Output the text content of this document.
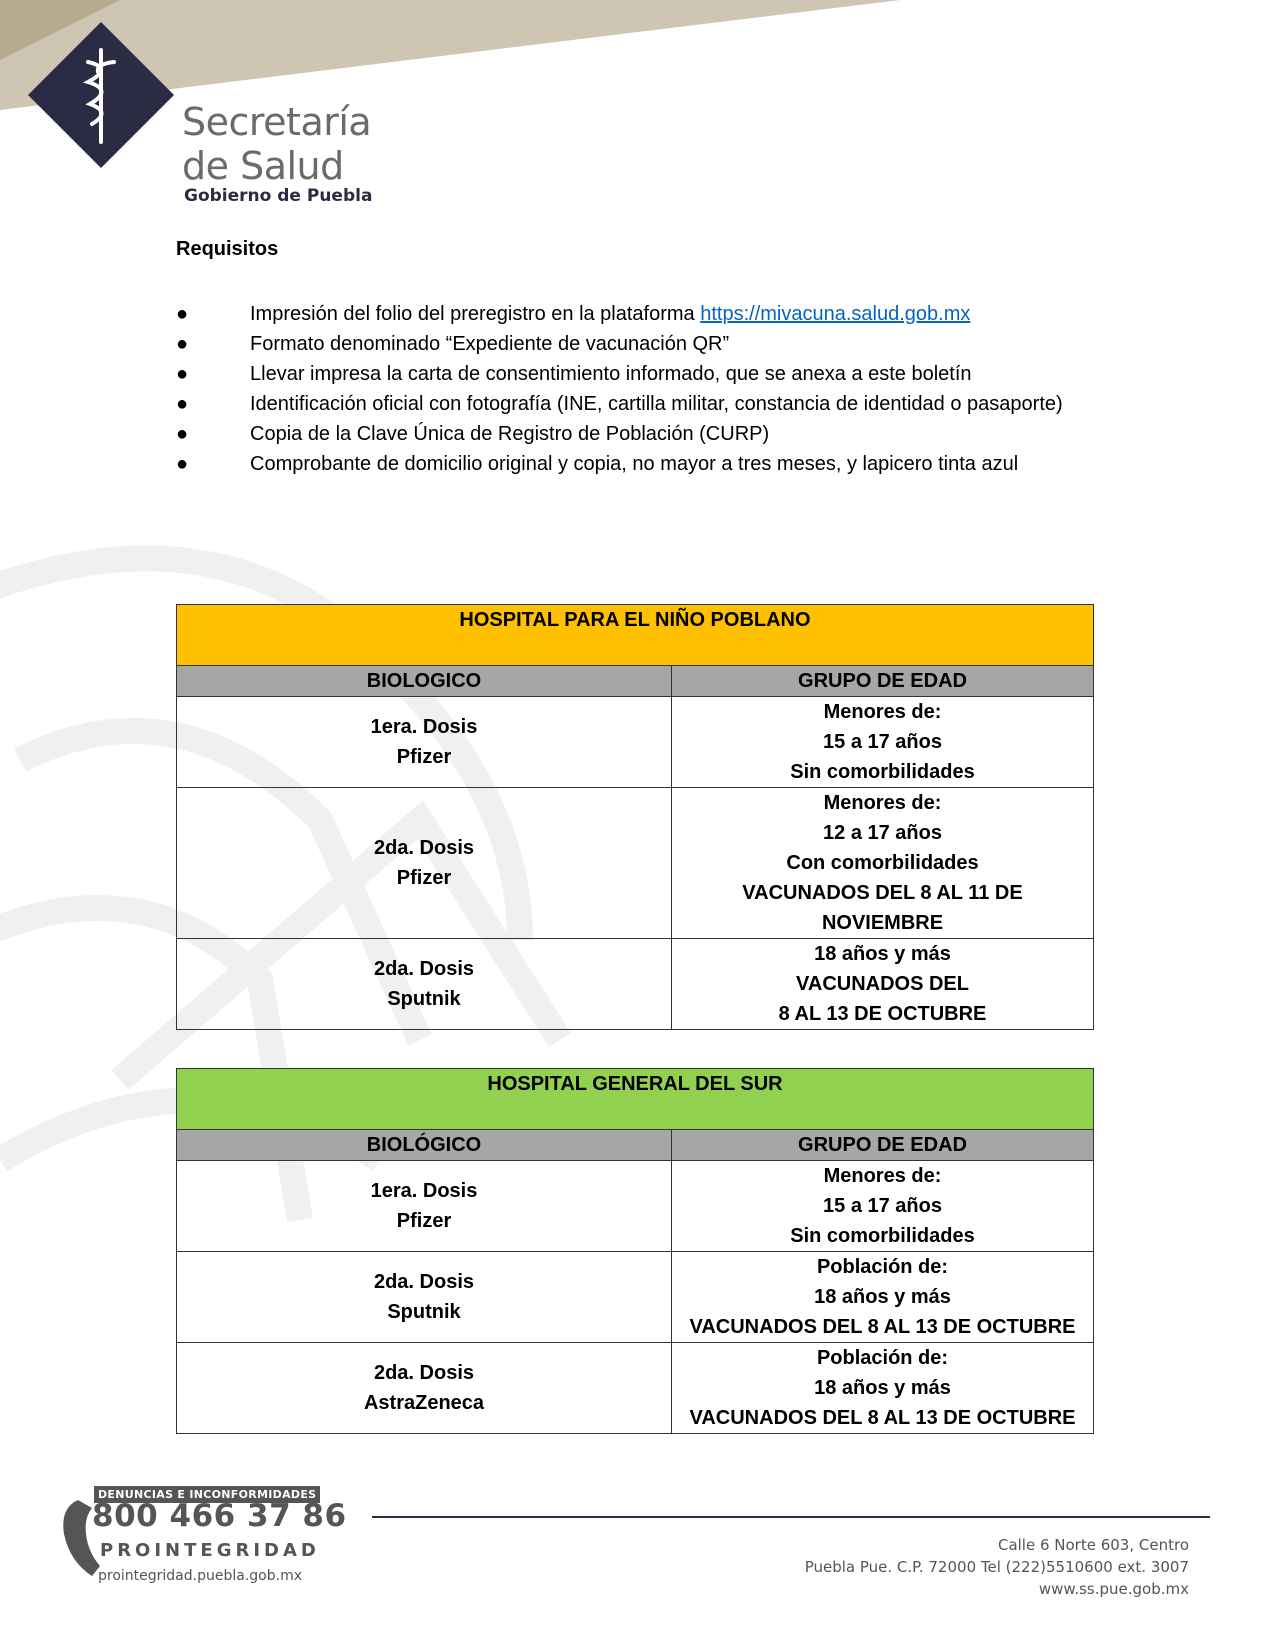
Secretaría
de Salud
Gobierno de Puebla

Requisitos

●	Impresión del folio del preregistro en la plataforma https://mivacuna.salud.gob.mx
●	Formato denominado “Expediente de vacunación QR”
●	Llevar impresa la carta de consentimiento informado, que se anexa a este boletín
●	Identificación oficial con fotografía (INE, cartilla militar, constancia de identidad o pasaporte)
●	Copia de la Clave Única de Registro de Población (CURP)
●	Comprobante de domicilio original y copia, no mayor a tres meses, y lapicero tinta azul
HOSPITAL PARA EL NIÑO POBLANO	
BIOLOGICO	GRUPO DE EDAD

1era. Dosis
Pfizer	Menores de:
15 a 17 años
Sin comorbilidades

2da. Dosis
Pfizer	Menores de:
12 a 17 años
Con comorbilidades
VACUNADOS DEL 8 AL 11 DE
NOVIEMBRE

2da. Dosis
Sputnik	18 años y más
VACUNADOS DEL
8 AL 13 DE OCTUBRE
HOSPITAL GENERAL DEL SUR	
BIOLÓGICO	GRUPO DE EDAD

1era. Dosis
Pfizer	Menores de:
15 a 17 años
Sin comorbilidades

2da. Dosis
Sputnik	Población de:
18 años y más
VACUNADOS DEL 8 AL 13 DE OCTUBRE

2da. Dosis
AstraZeneca	Población de:
18 años y más
VACUNADOS DEL 8 AL 13 DE OCTUBRE
DENUNCIAS E INCONFORMIDADES
800 466 37 86
PROINTEGRIDAD
prointegridad.puebla.gob.mx
Calle 6 Norte 603, Centro
Puebla Pue. C.P. 72000 Tel (222)5510600 ext. 3007
www.ss.pue.gob.mx
